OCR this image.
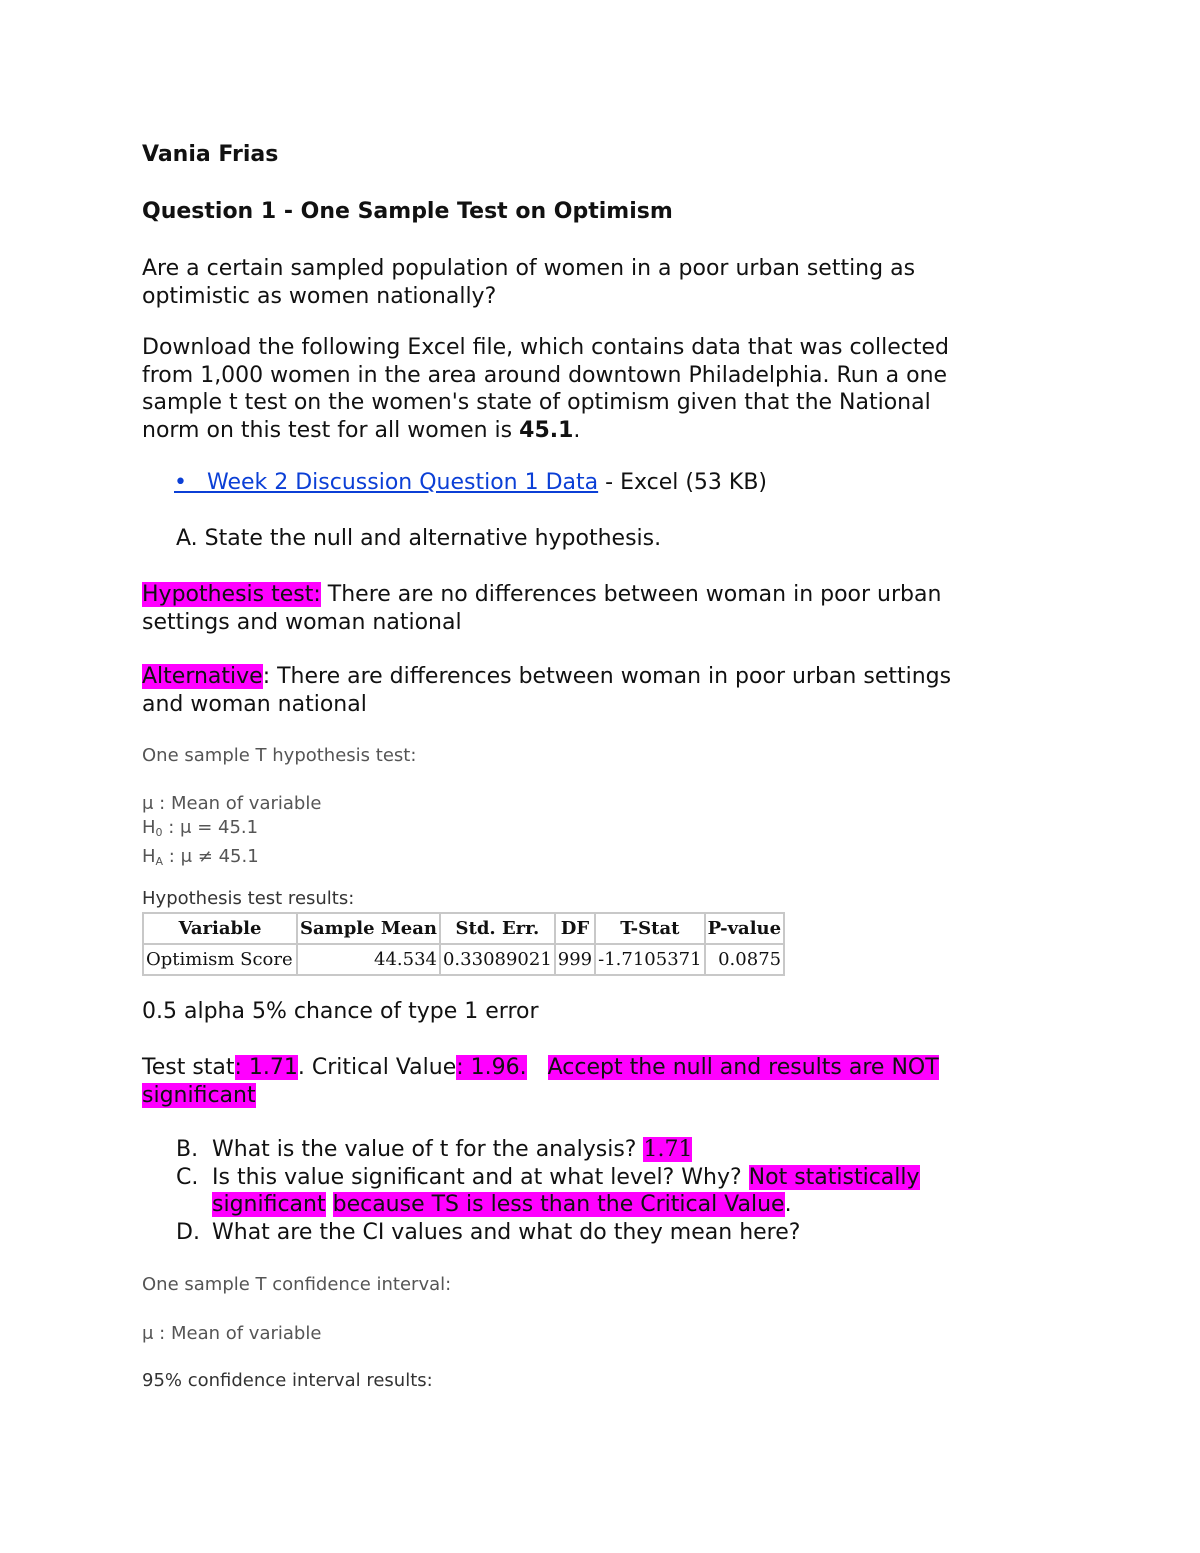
Vania Frias
Question 1 - One Sample Test on Optimism
Are a certain sampled population of women in a poor urban setting as
optimistic as women nationally?
Download the following Excel file, which contains data that was collected
from 1,000 women in the area around downtown Philadelphia. Run a one
sample t test on the women's state of optimism given that the National
norm on this test for all women is 45.1.
• Week 2 Discussion Question 1 Data - Excel (53 KB)
A. State the null and alternative hypothesis.
Hypothesis test: There are no differences between woman in poor urban
settings and woman national
Alternative: There are differences between woman in poor urban settings
and woman national
One sample T hypothesis test:
μ : Mean of variable
$H_0$ : μ = 45.1
$H_A$ : μ ≠ 45.1
Hypothesis test results:
Variable	Sample Mean	Std. Err.	DF	T-Stat	P-value
Optimism Score	44.534	0.33089021	999	-1.7105371	0.0875
0.5 alpha 5% chance of type 1 error
Test stat: 1.71. Critical Value: 1.96. Accept the null and results are NOT
significant
B. What is the value of t for the analysis? 1.71
C. Is this value significant and at what level? Why? Not statistically
significant because TS is less than the Critical Value.
D. What are the CI values and what do they mean here?
One sample T confidence interval:
μ : Mean of variable
95% confidence interval results:
